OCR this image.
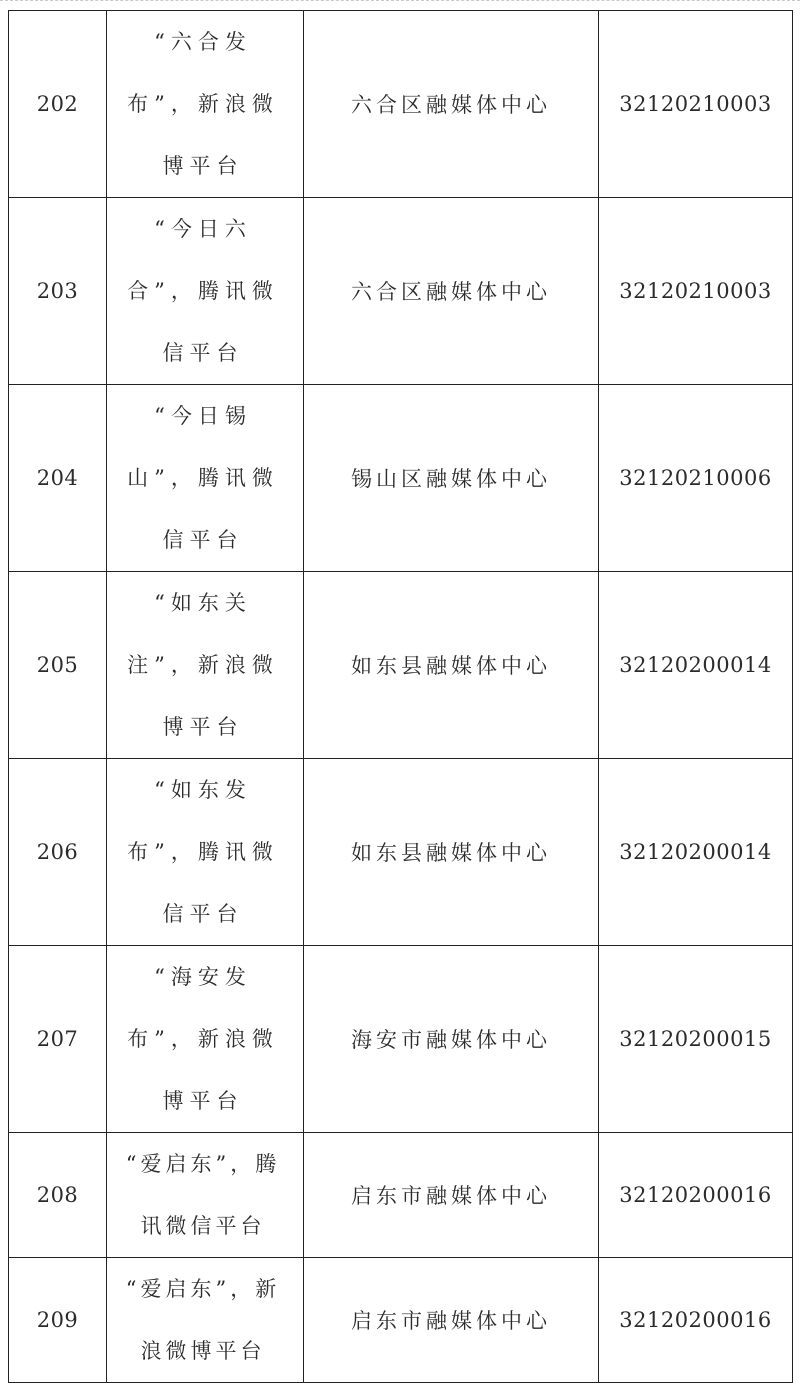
202	“六合发布”，新浪微博平台	六合区融媒体中心	32120210003
203	“今日六合”，腾讯微信平台	六合区融媒体中心	32120210003
204	“今日锡山”，腾讯微信平台	锡山区融媒体中心	32120210006
205	“如东关注”，新浪微博平台	如东县融媒体中心	32120200014
206	“如东发布”，腾讯微信平台	如东县融媒体中心	32120200014
207	“海安发布”，新浪微博平台	海安市融媒体中心	32120200015
208	“爱启东”，腾讯微信平台	启东市融媒体中心	32120200016
209	“爱启东”，新浪微博平台	启东市融媒体中心	32120200016
